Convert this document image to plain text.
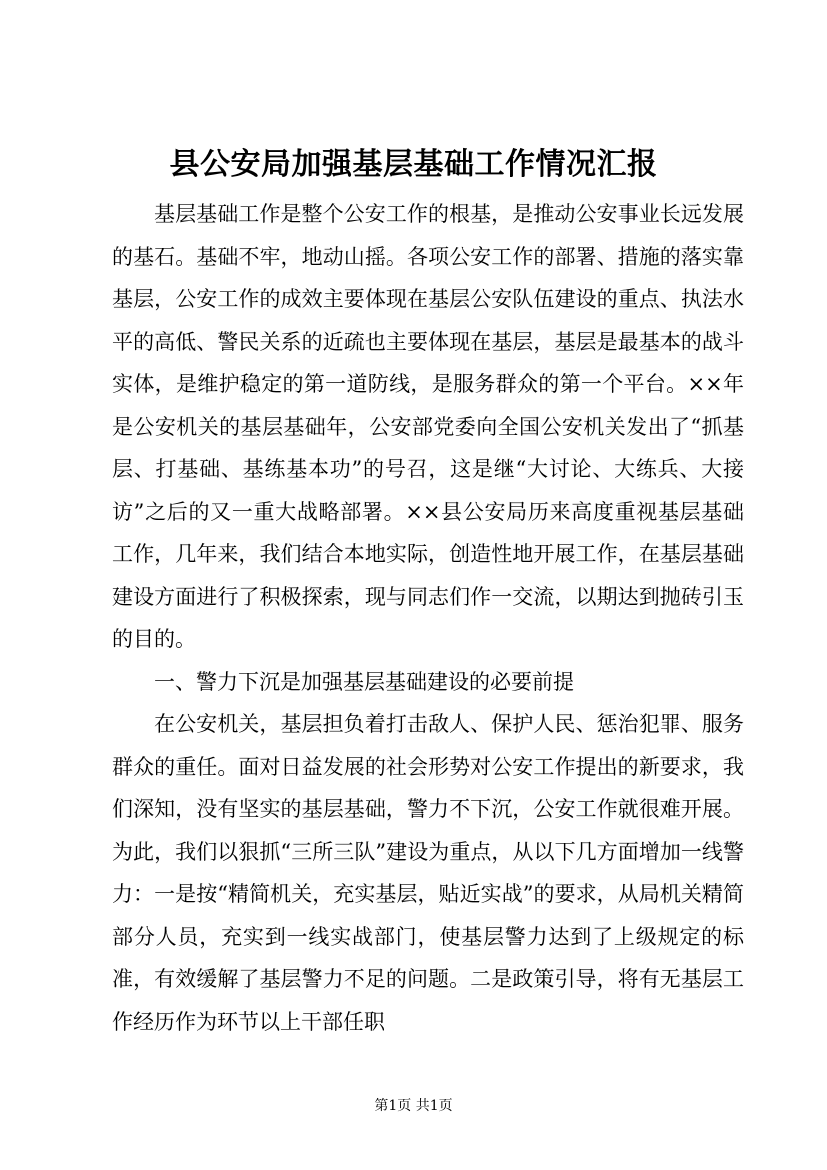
县公安局加强基层基础工作情况汇报

基层基础工作是整个公安工作的根基，是推动公安事业长远发展的基石。基础不牢，地动山摇。各项公安工作的部署、措施的落实靠基层，公安工作的成效主要体现在基层公安队伍建设的重点、执法水平的高低、警民关系的近疏也主要体现在基层，基层是最基本的战斗实体，是维护稳定的第一道防线，是服务群众的第一个平台。××年是公安机关的基层基础年，公安部党委向全国公安机关发出了“抓基层、打基础、基练基本功”的号召，这是继“大讨论、大练兵、大接访”之后的又一重大战略部署。××县公安局历来高度重视基层基础工作，几年来，我们结合本地实际，创造性地开展工作，在基层基础建设方面进行了积极探索，现与同志们作一交流，以期达到抛砖引玉的目的。

一、警力下沉是加强基层基础建设的必要前提

在公安机关，基层担负着打击敌人、保护人民、惩治犯罪、服务群众的重任。面对日益发展的社会形势对公安工作提出的新要求，我们深知，没有坚实的基层基础，警力不下沉，公安工作就很难开展。为此，我们以狠抓“三所三队”建设为重点，从以下几方面增加一线警力：一是按“精简机关，充实基层，贴近实战”的要求，从局机关精简部分人员，充实到一线实战部门，使基层警力达到了上级规定的标准，有效缓解了基层警力不足的问题。二是政策引导，将有无基层工作经历作为环节以上干部任职

第1页 共1页
